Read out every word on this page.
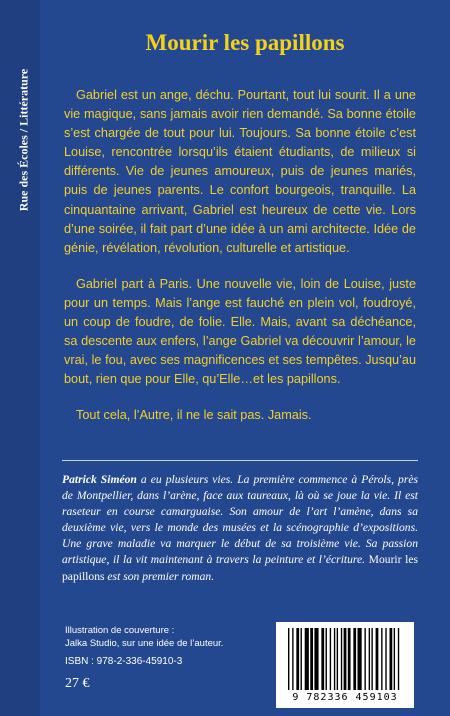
Rue des Écoles / Littérature
Mourir les papillons

Gabriel est un ange, déchu. Pourtant, tout lui sourit. Il a une vie magique, sans jamais avoir rien demandé. Sa bonne étoile s’est chargée de tout pour lui. Toujours. Sa bonne étoile c’est Louise, rencontrée lorsqu’ils étaient étudiants, de milieux si différents. Vie de jeunes amoureux, puis de jeunes mariés, puis de jeunes parents. Le confort bourgeois, tranquille. La cinquantaine arrivant, Gabriel est heureux de cette vie. Lors d’une soirée, il fait part d’une idée à un ami architecte. Idée de génie, révélation, révolution, culturelle et artistique.

Gabriel part à Paris. Une nouvelle vie, loin de Louise, juste pour un temps. Mais l’ange est fauché en plein vol, foudroyé, un coup de foudre, de folie. Elle. Mais, avant sa déchéance, sa descente aux enfers, l’ange Gabriel va découvrir l’amour, le vrai, le fou, avec ses magnificences et ses tempêtes. Jusqu’au bout, rien que pour Elle, qu’Elle…et les papillons.

Tout cela, l’Autre, il ne le sait pas. Jamais.

Patrick Siméon a eu plusieurs vies. La première commence à Pérols, près de Montpellier, dans l’arène, face aux taureaux, là où se joue la vie. Il est raseteur en course camarguaise. Son amour de l’art l’amène, dans sa deuxième vie, vers le monde des musées et la scénographie d’expositions. Une grave maladie va marquer le début de sa troisième vie. Sa passion artistique, il la vit maintenant à travers la peinture et l’écriture. Mourir les papillons est son premier roman.
Illustration de couverture :
Jalka Studio, sur une idée de l’auteur.
ISBN : 978-2-336-45910-3
27 €
9 782336 459103
